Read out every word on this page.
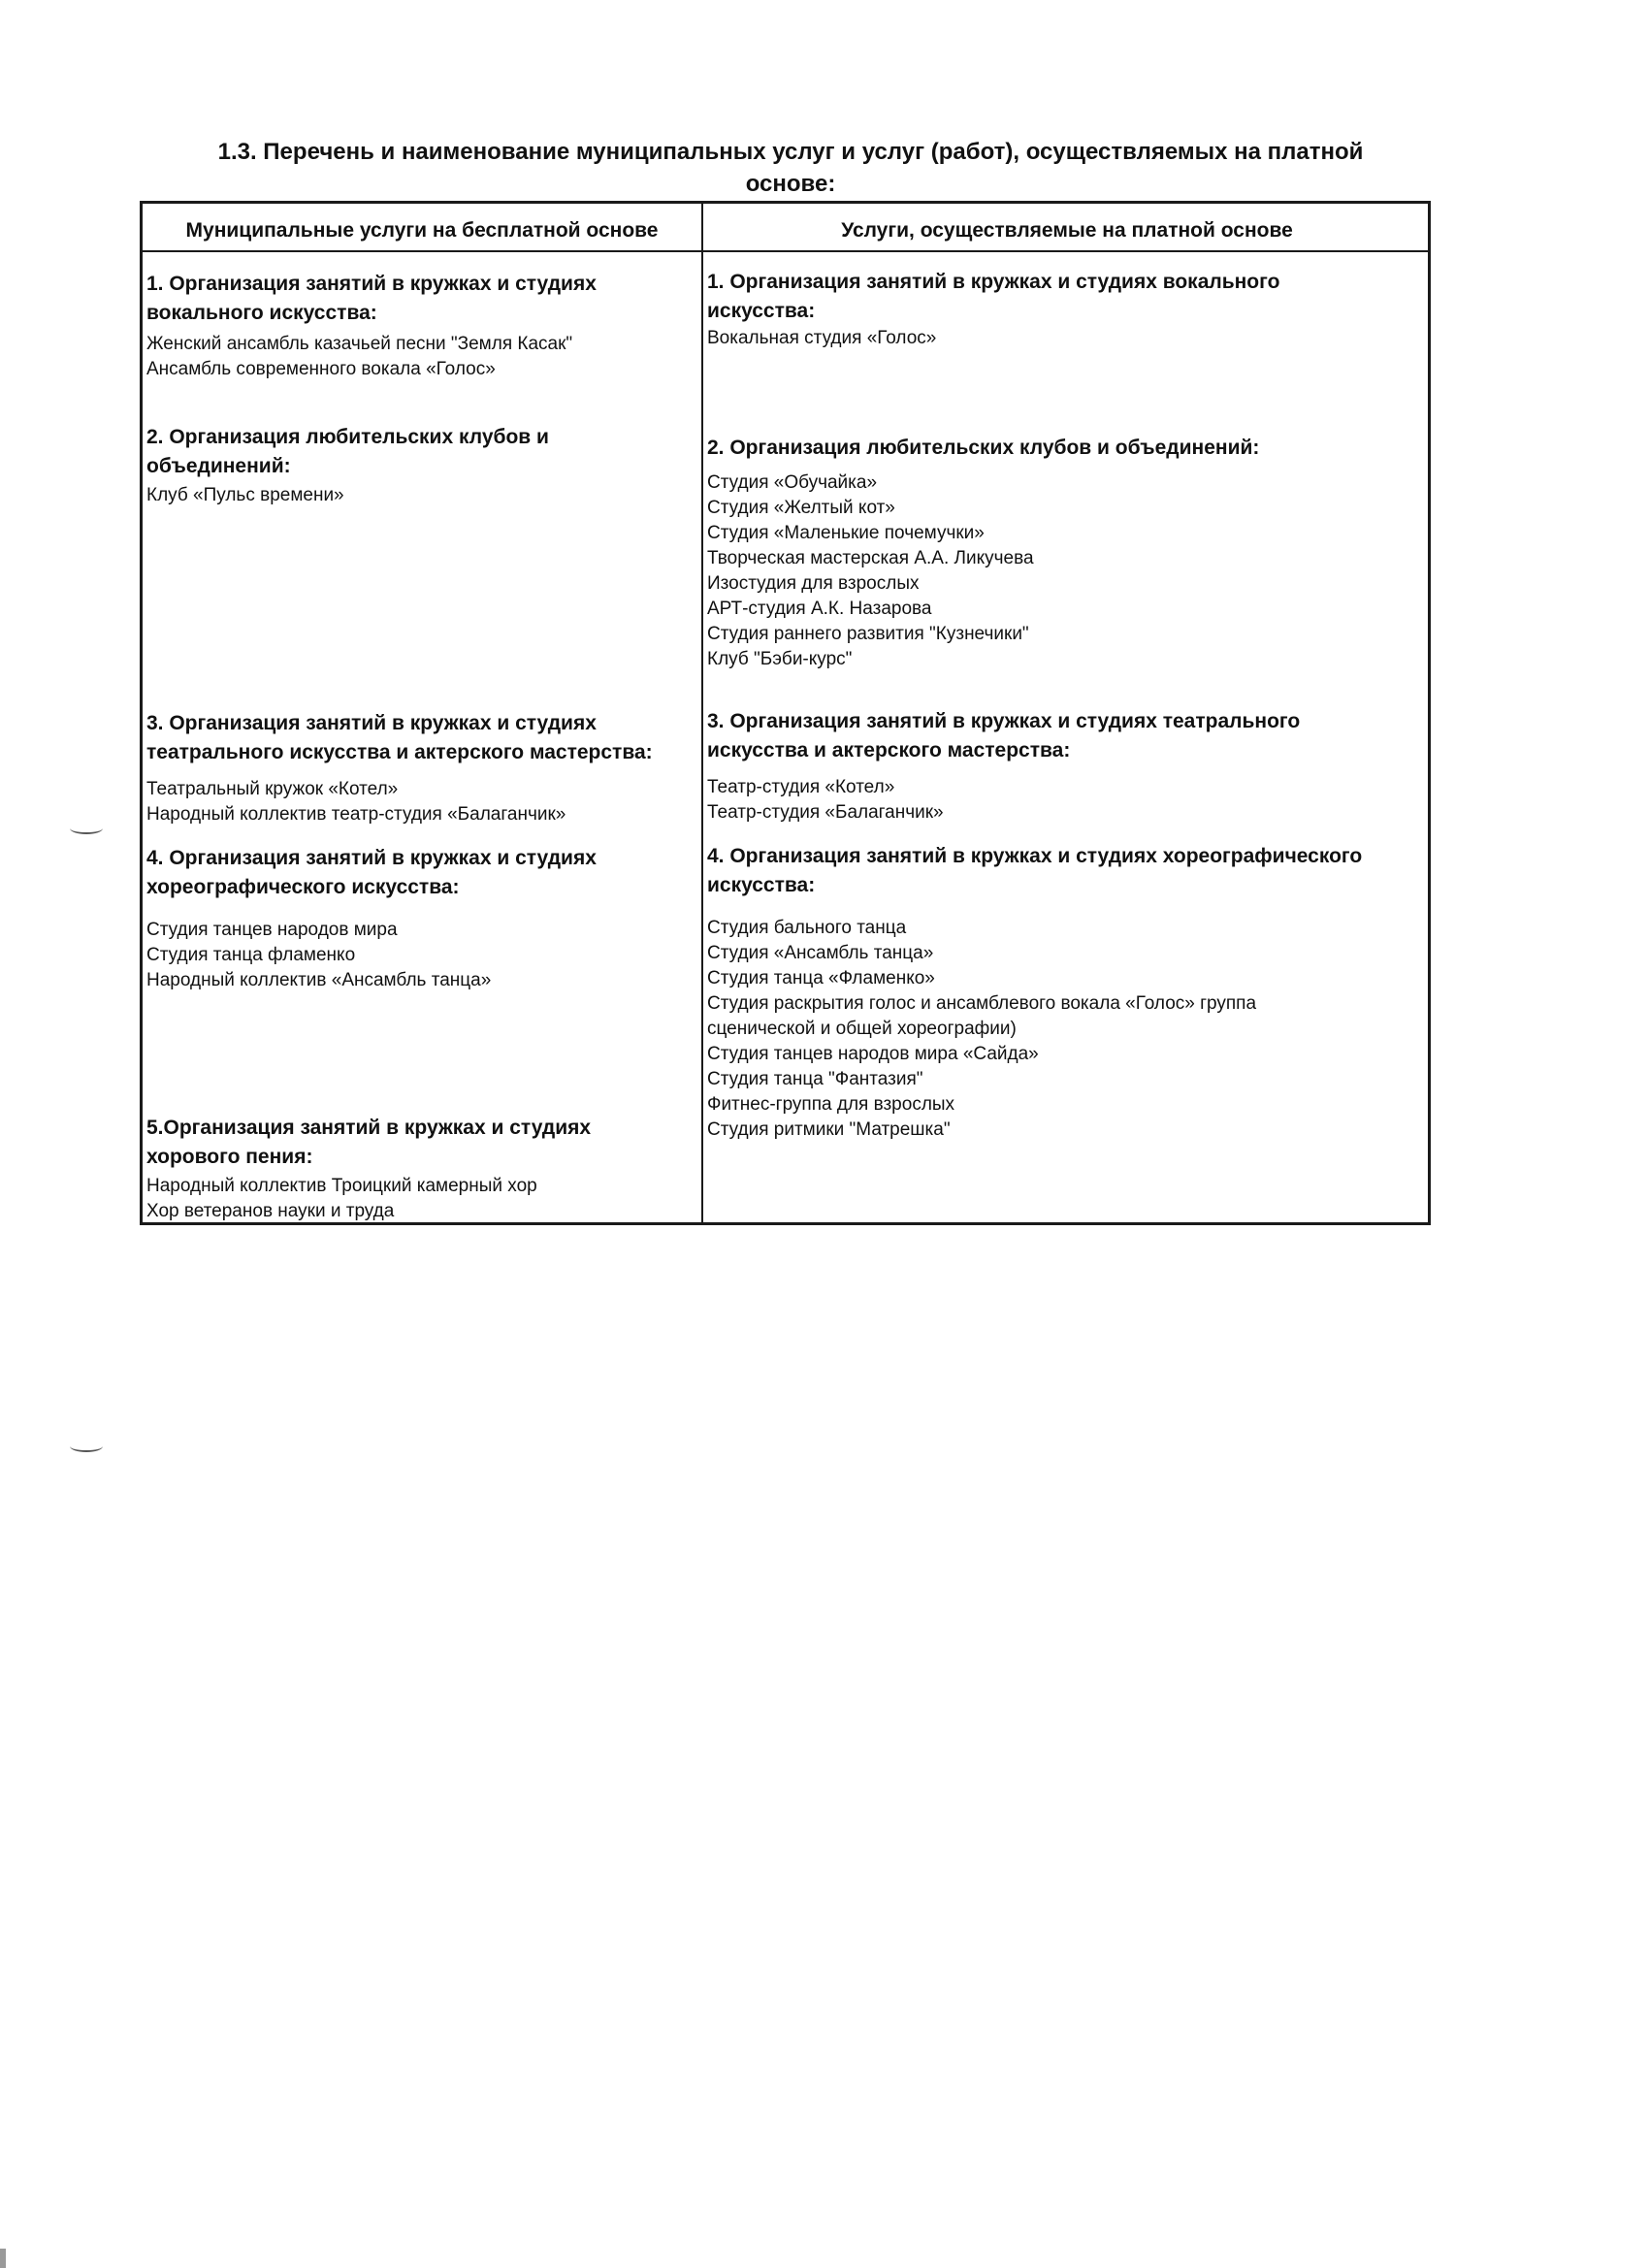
1.3. Перечень и наименование муниципальных услуг и услуг (работ), осуществляемых на платной
основе:
Муниципальные услуги на бесплатной основе	Услуги, осуществляемые на платной основе
1. Организация занятий в кружках и студиях
вокального искусства:
Женский ансамбль казачьей песни "Земля Касак"
Ансамбль современного вокала «Голос»
2. Организация любительских клубов и
объединений:
Клуб «Пульс времени»
3. Организация занятий в кружках и студиях
театрального искусства и актерского мастерства:
Театральный кружок «Котел»
Народный коллектив театр-студия «Балаганчик»
4. Организация занятий в кружках и студиях
хореографического искусства:
Студия танцев народов мира
Студия танца фламенко
Народный коллектив «Ансамбль танца»
5.Организация занятий в кружках и студиях
хорового пения:
Народный коллектив Троицкий камерный хор
Хор ветеранов науки и труда
1. Организация занятий в кружках и студиях вокального
искусства:
Вокальная студия «Голос»
2. Организация любительских клубов и объединений:
Студия «Обучайка»
Студия «Желтый кот»
Студия «Маленькие почемучки»
Творческая мастерская А.А. Ликучева
Изостудия для взрослых
АРТ-студия А.К. Назарова
Студия раннего развития "Кузнечики"
Клуб "Бэби-курс"
3. Организация занятий в кружках и студиях театрального
искусства и актерского мастерства:
Театр-студия «Котел»
Театр-студия «Балаганчик»
4. Организация занятий в кружках и студиях хореографического
искусства:
Студия бального танца
Студия «Ансамбль танца»
Студия танца «Фламенко»
Студия раскрытия голос и ансамблевого вокала «Голос» группа
сценической и общей хореографии)
Студия танцев народов мира «Сайда»
Студия танца "Фантазия"
Фитнес-группа для взрослых
Студия ритмики "Матрешка"
